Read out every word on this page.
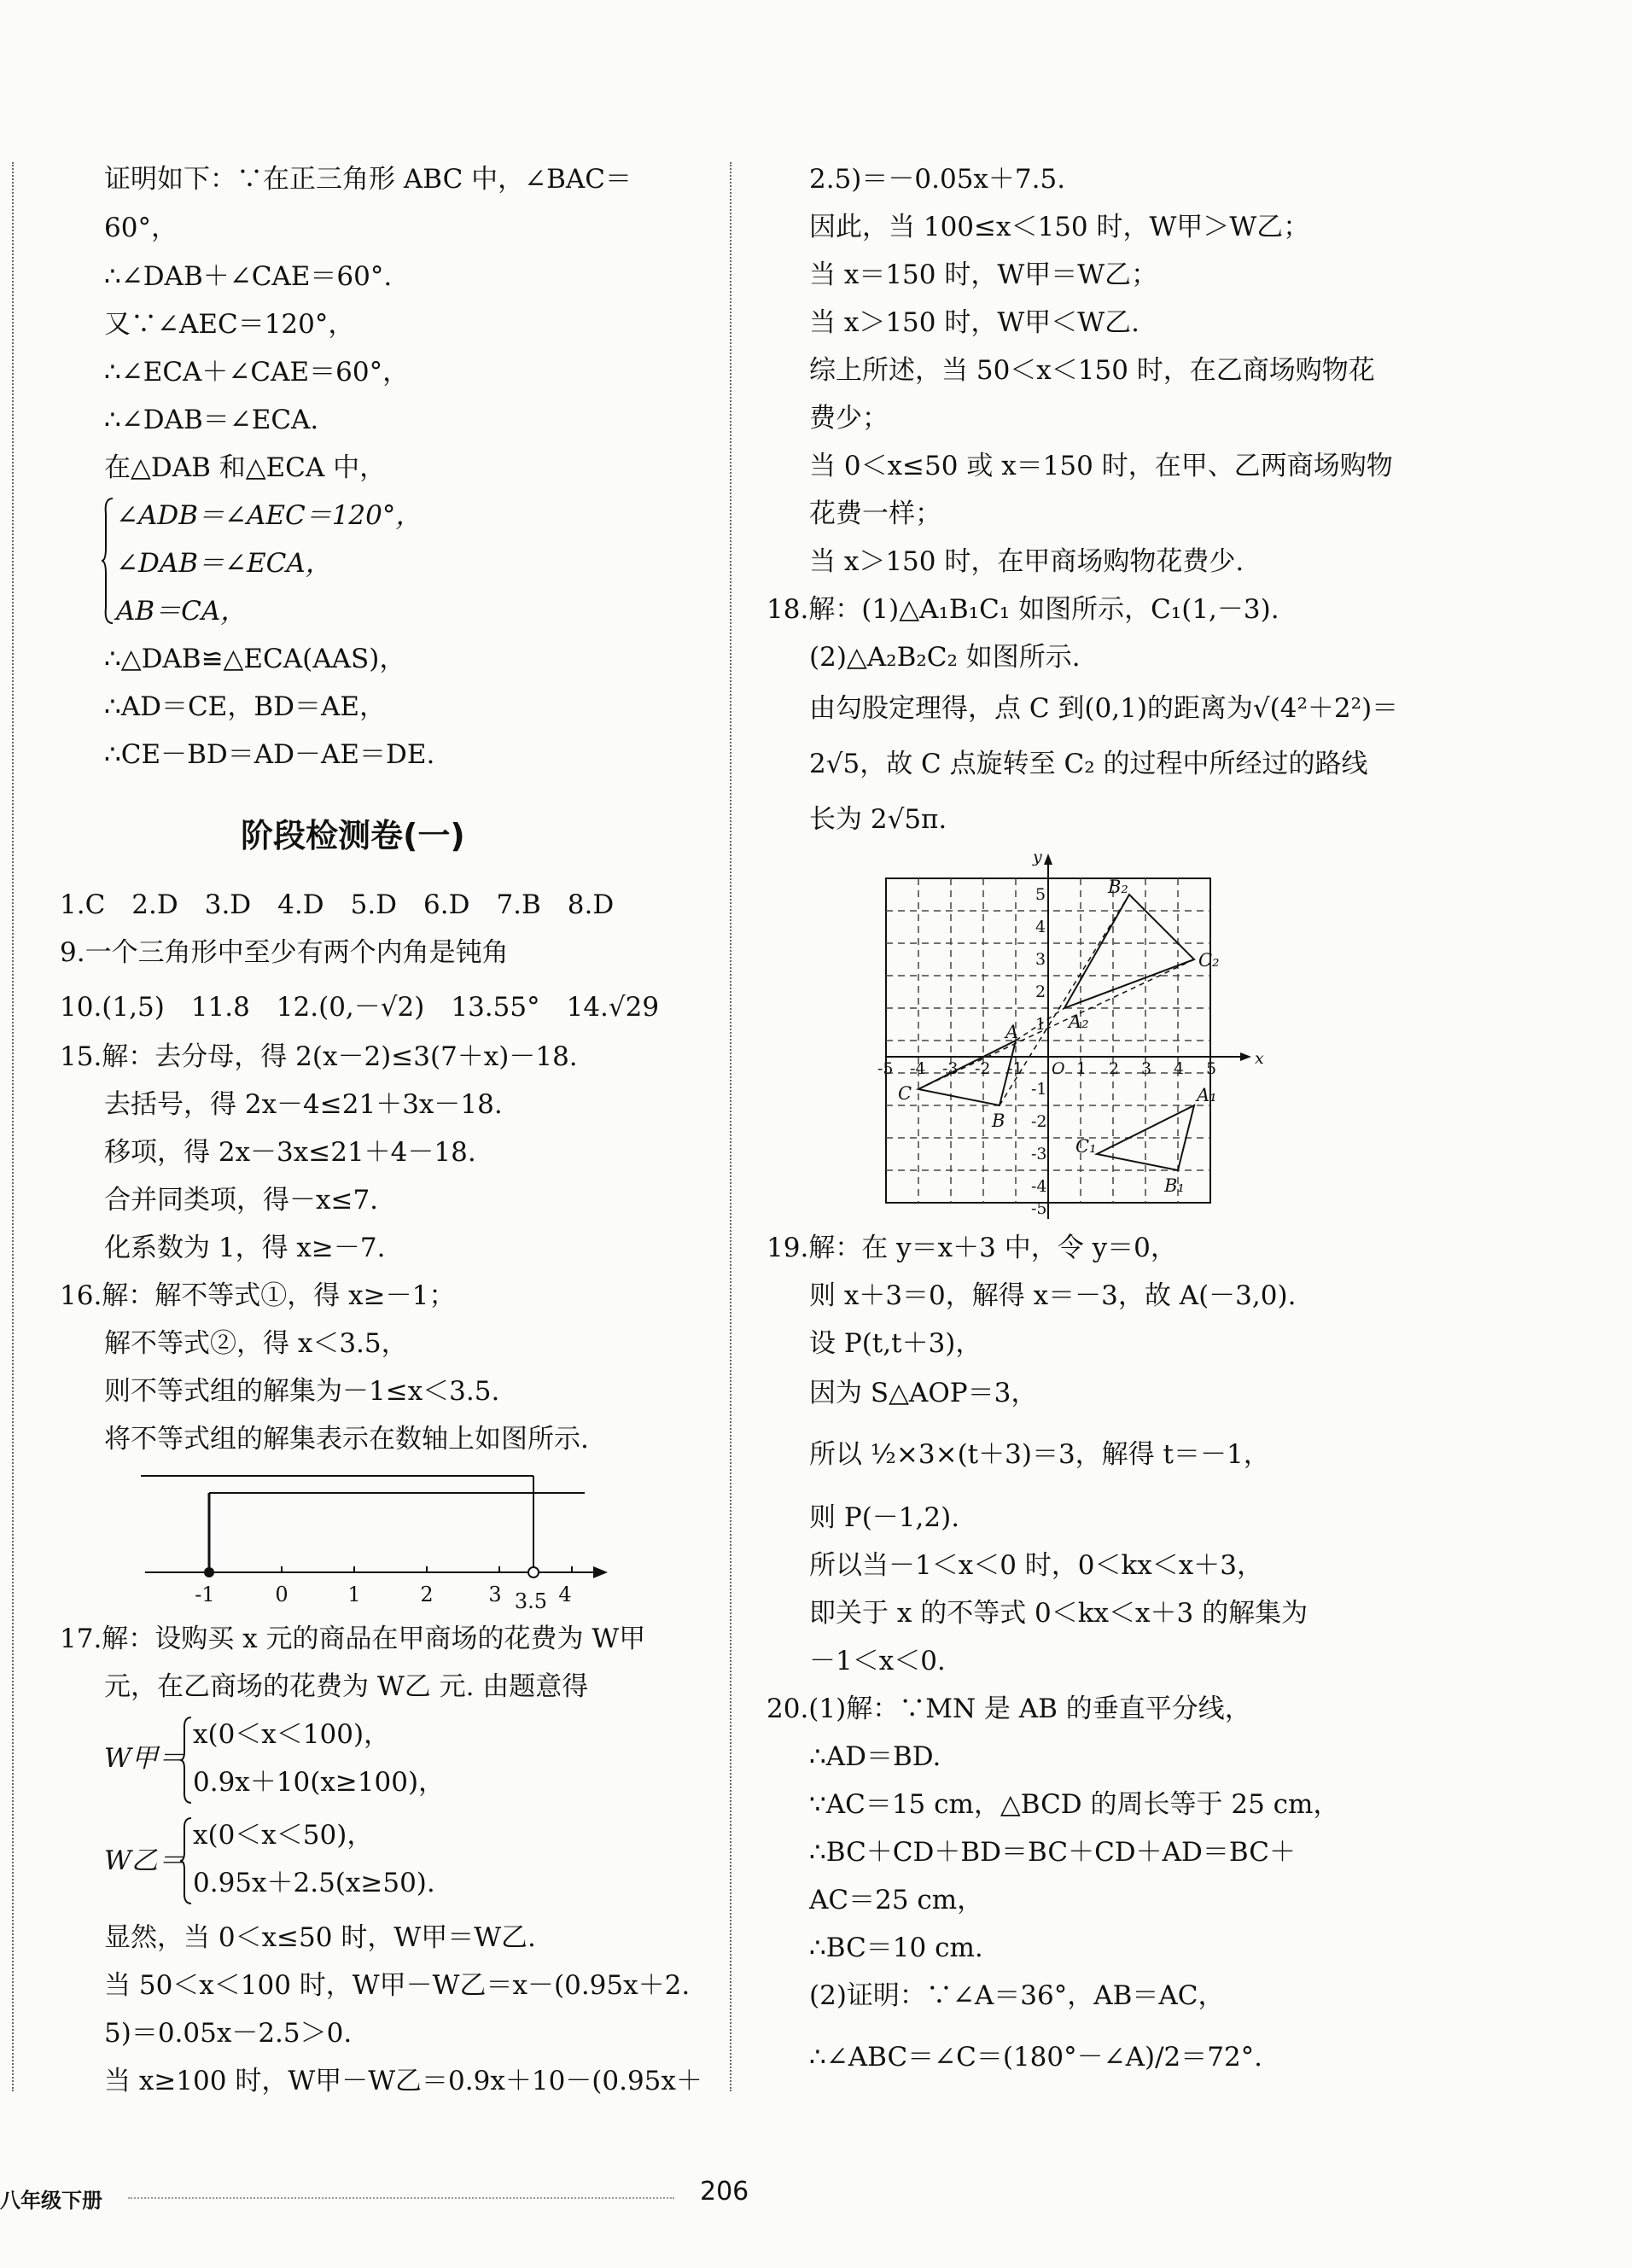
证明如下：∵在正三角形 ABC 中，∠BAC＝
60°，
∴∠DAB＋∠CAE＝60°.
又∵∠AEC＝120°，
∴∠ECA＋∠CAE＝60°，
∴∠DAB＝∠ECA.
在△DAB 和△ECA 中，
∠ADB＝∠AEC＝120°，
∠DAB＝∠ECA，
AB＝CA，
∴△DAB≌△ECA(AAS)，
∴AD＝CE，BD＝AE，
∴CE－BD＝AD－AE＝DE.
阶段检测卷(一)
1.C　2.D　3.D　4.D　5.D　6.D　7.B　8.D
9.一个三角形中至少有两个内角是钝角
10.(1,5)　11.8　12.(0,－√2)　13.55°　14.√29
15.解：去分母，得 2(x－2)≤3(7＋x)－18.
去括号，得 2x－4≤21＋3x－18.
移项，得 2x－3x≤21＋4－18.
合并同类项，得－x≤7.
化系数为 1，得 x≥－7.
16.解：解不等式①，得 x≥－1；
解不等式②，得 x＜3.5，
则不等式组的解集为－1≤x＜3.5.
将不等式组的解集表示在数轴上如图所示.
-1	0	1	2	3	4
3.5
17.解：设购买 x 元的商品在甲商场的花费为 W甲
元，在乙商场的花费为 W乙 元. 由题意得
W甲＝
x(0＜x＜100)，
0.9x＋10(x≥100)，
W乙＝
x(0＜x＜50)，
0.95x＋2.5(x≥50).
显然，当 0＜x≤50 时，W甲＝W乙.
当 50＜x＜100 时，W甲－W乙＝x－(0.95x＋2.
5)＝0.05x－2.5＞0.
当 x≥100 时，W甲－W乙＝0.9x＋10－(0.95x＋
2.5)＝－0.05x＋7.5.
因此，当 100≤x＜150 时，W甲＞W乙；
当 x＝150 时，W甲＝W乙；
当 x＞150 时，W甲＜W乙.
综上所述，当 50＜x＜150 时，在乙商场购物花
费少；
当 0＜x≤50 或 x＝150 时，在甲、乙两商场购物
花费一样；
当 x＞150 时，在甲商场购物花费少.
18.解：(1)△A₁B₁C₁ 如图所示，C₁(1,－3).
(2)△A₂B₂C₂ 如图所示.
由勾股定理得，点 C 到(0,1)的距离为√(4²＋2²)＝
2√5，故 C 点旋转至 C₂ 的过程中所经过的路线
长为 2√5π.
x
y
O
-5 -4 -3 -2 -1	1 2 3 4 5
5
4
3
2
1
-1
-2
-3
-4
-5
A
B
C	A₁
B₁
C₁
A₂
B₂
C₂
19.解：在 y＝x＋3 中，令 y＝0，
则 x＋3＝0，解得 x＝－3，故 A(－3,0).
设 P(t,t＋3)，
因为 S△AOP＝3，
所以 ½×3×(t＋3)＝3，解得 t＝－1，
则 P(－1,2).
所以当－1＜x＜0 时，0＜kx＜x＋3，
即关于 x 的不等式 0＜kx＜x＋3 的解集为
－1＜x＜0.
20.(1)解：∵MN 是 AB 的垂直平分线，
∴AD＝BD.
∵AC＝15 cm，△BCD 的周长等于 25 cm，
∴BC＋CD＋BD＝BC＋CD＋AD＝BC＋
AC＝25 cm，
∴BC＝10 cm.
(2)证明：∵∠A＝36°，AB＝AC，
∴∠ABC＝∠C＝(180°－∠A)/2＝72°.
八年级下册	206
